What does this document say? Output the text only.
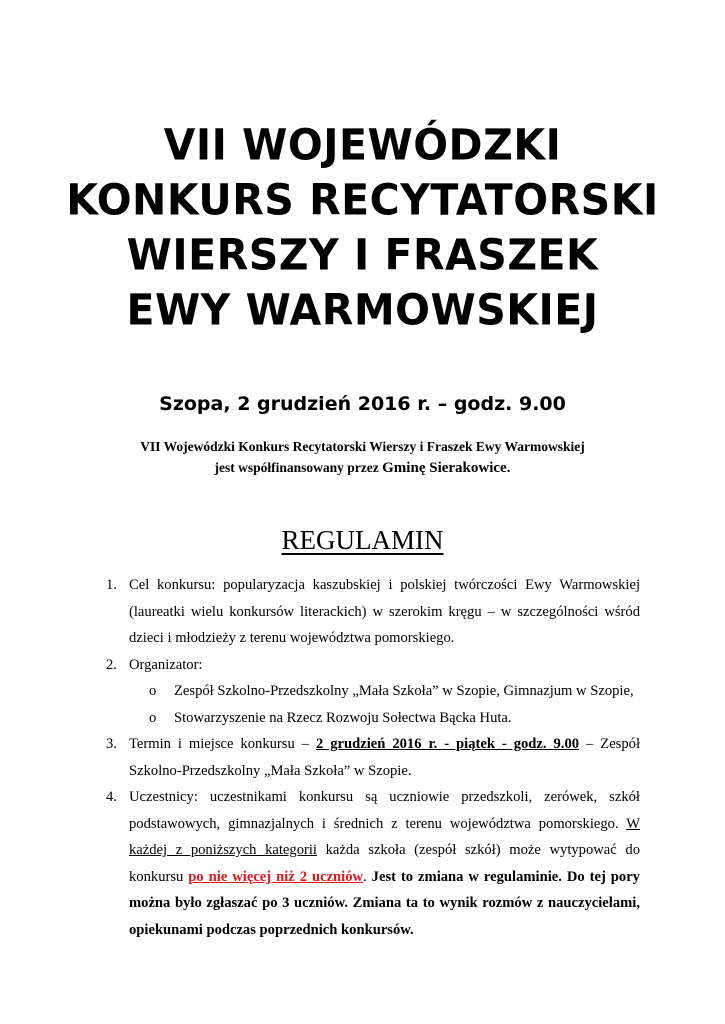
VII WOJEWÓDZKI
KONKURS RECYTATORSKI
WIERSZY I FRASZEK
EWY WARMOWSKIEJ
Szopa, 2 grudzień 2016 r. – godz. 9.00
VII Wojewódzki Konkurs Recytatorski Wierszy i Fraszek Ewy Warmowskiej
jest współfinansowany przez Gminę Sierakowice.
REGULAMIN
1. Cel konkursu: popularyzacja kaszubskiej i polskiej twórczości Ewy Warmowskiej (laureatki wielu konkursów literackich) w szerokim kręgu – w szczególności wśród dzieci i młodzieży z terenu województwa pomorskiego.
2. Organizator:
o Zespół Szkolno-Przedszkolny „Mała Szkoła” w Szopie, Gimnazjum w Szopie,
o Stowarzyszenie na Rzecz Rozwoju Sołectwa Bącka Huta.
3. Termin i miejsce konkursu – 2 grudzień 2016 r. - piątek - godz. 9.00 – Zespół Szkolno-Przedszkolny „Mała Szkoła” w Szopie.
4. Uczestnicy: uczestnikami konkursu są uczniowie przedszkoli, zerówek, szkół podstawowych, gimnazjalnych i średnich z terenu województwa pomorskiego. W każdej z poniższych kategorii każda szkoła (zespół szkół) może wytypować do konkursu po nie więcej niż 2 uczniów. Jest to zmiana w regulaminie. Do tej pory można było zgłaszać po 3 uczniów. Zmiana ta to wynik rozmów z nauczycielami, opiekunami podczas poprzednich konkursów.
